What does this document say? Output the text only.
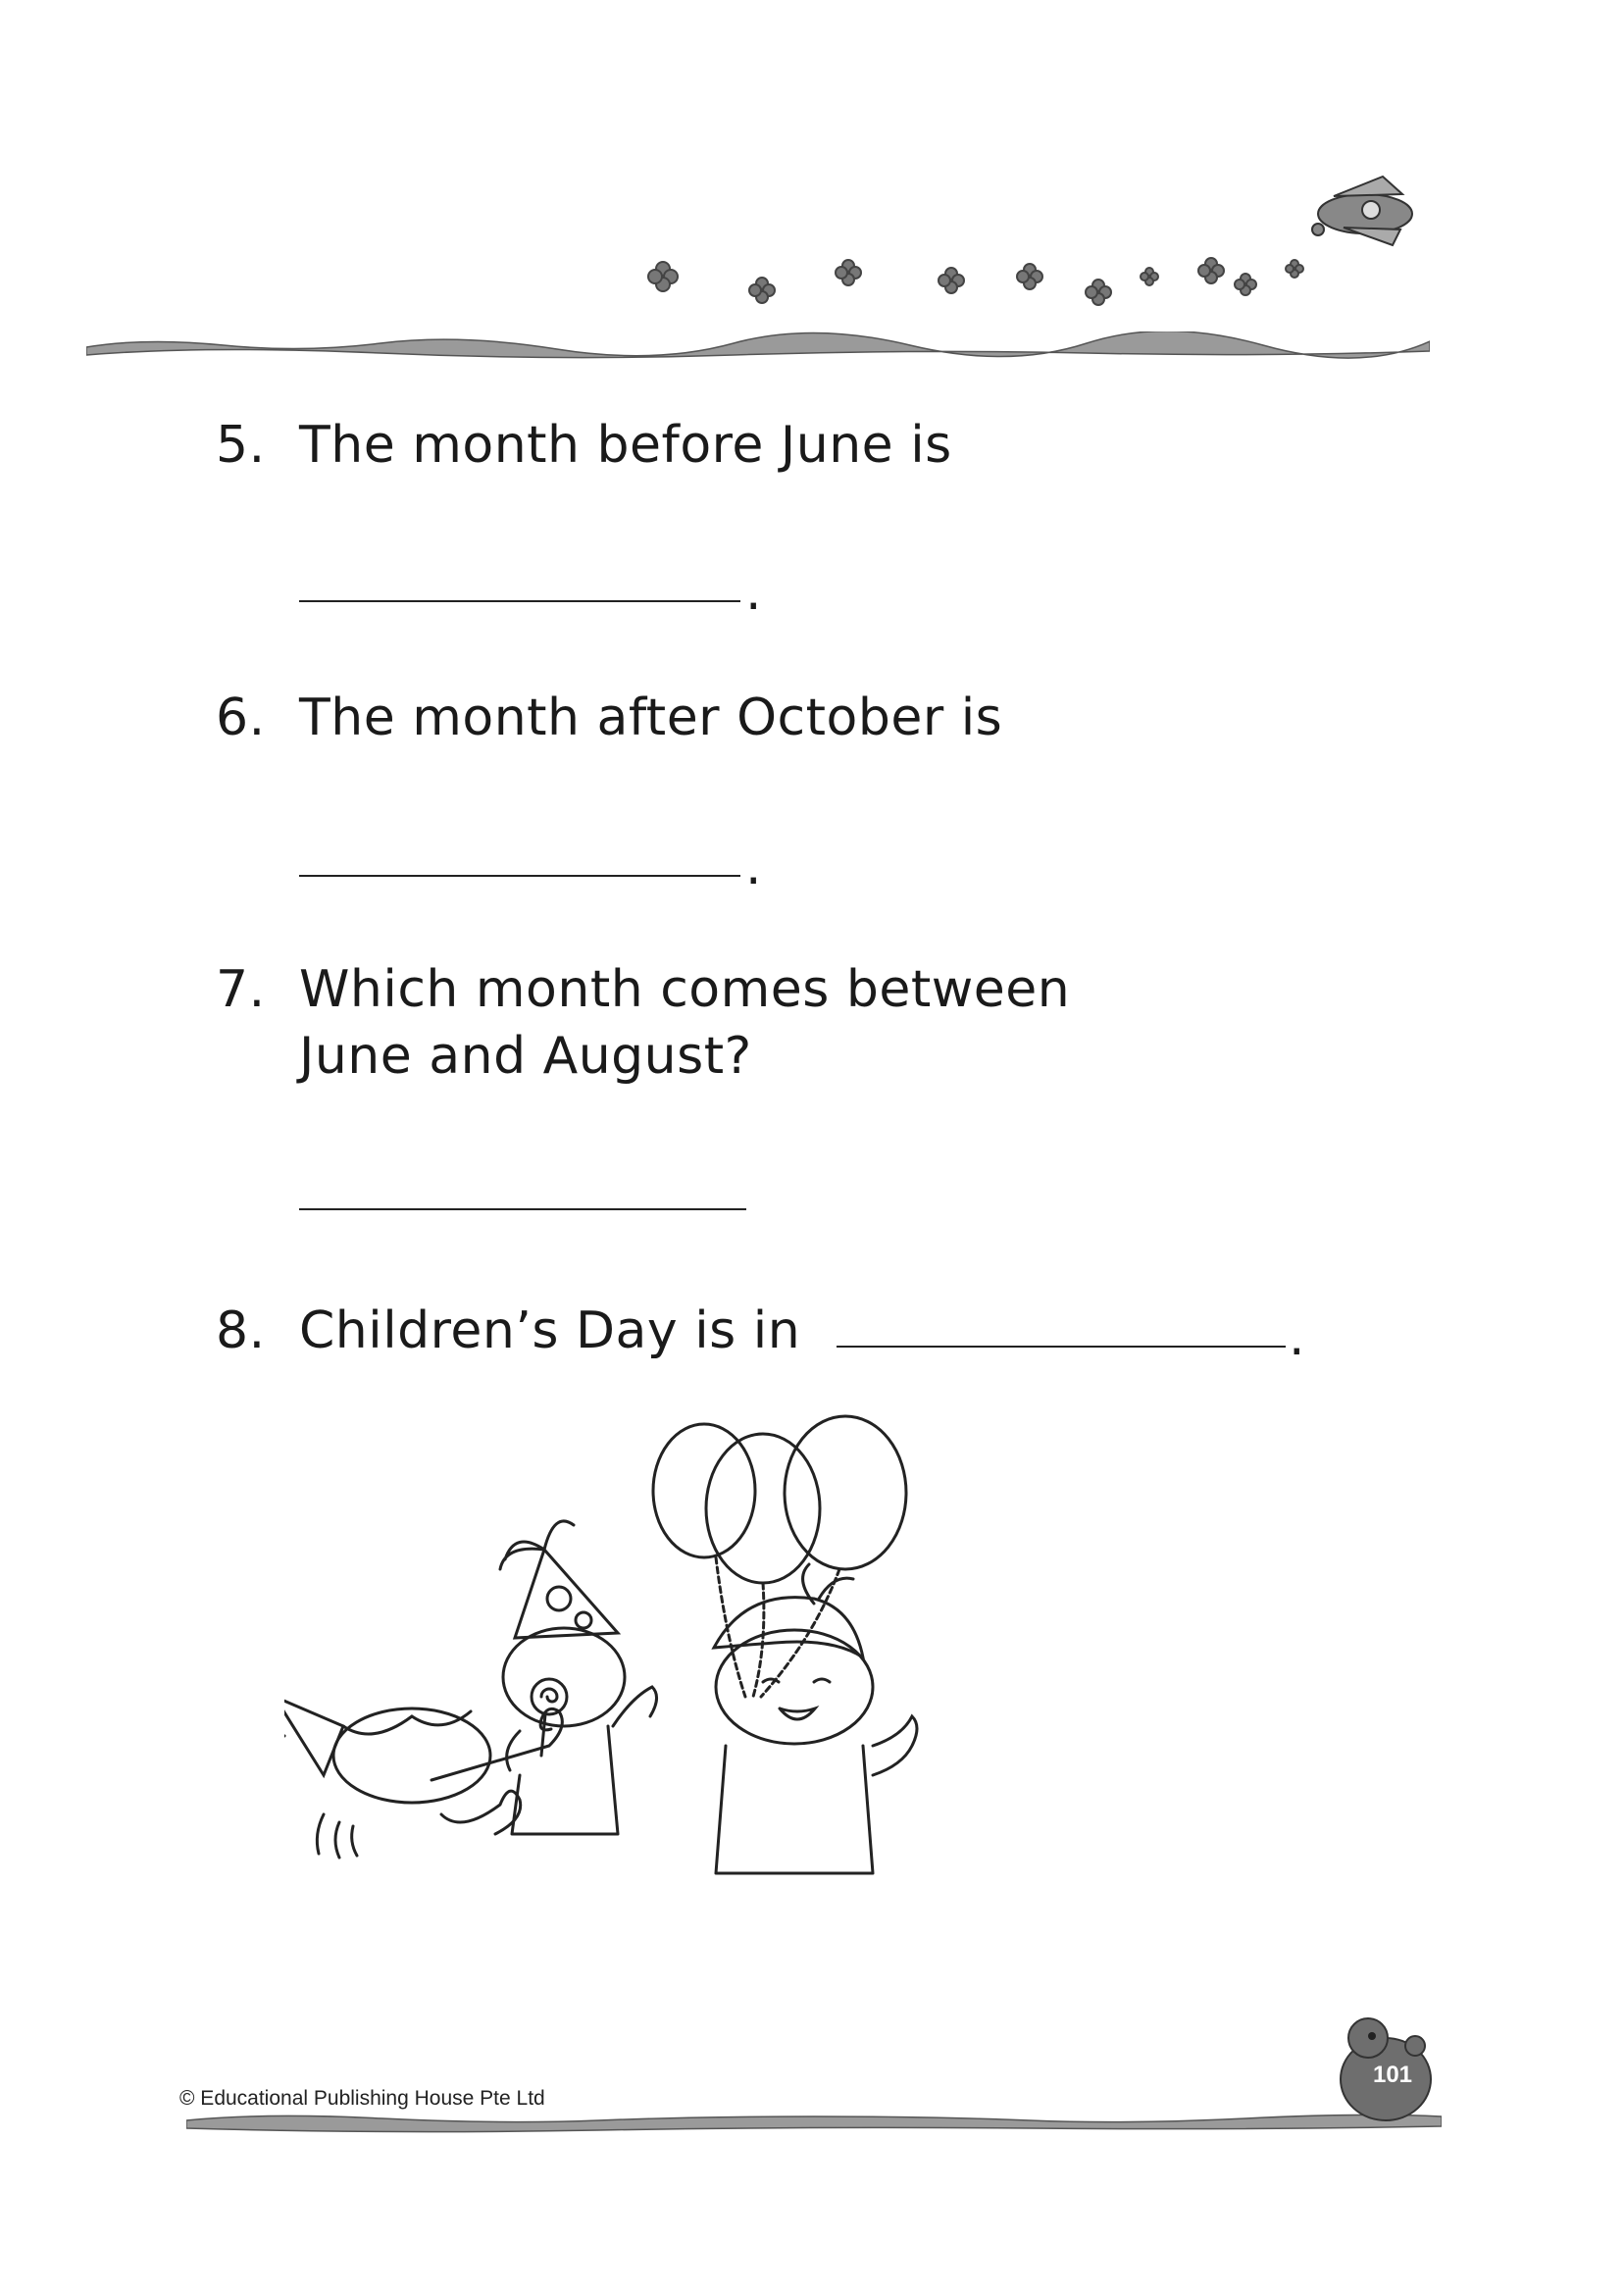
5. The month before June is
.
6. The month after October is
.
7. Which month comes between
June and August?
8. Children’s Day is in	.
101
© Educational Publishing House Pte Ltd
